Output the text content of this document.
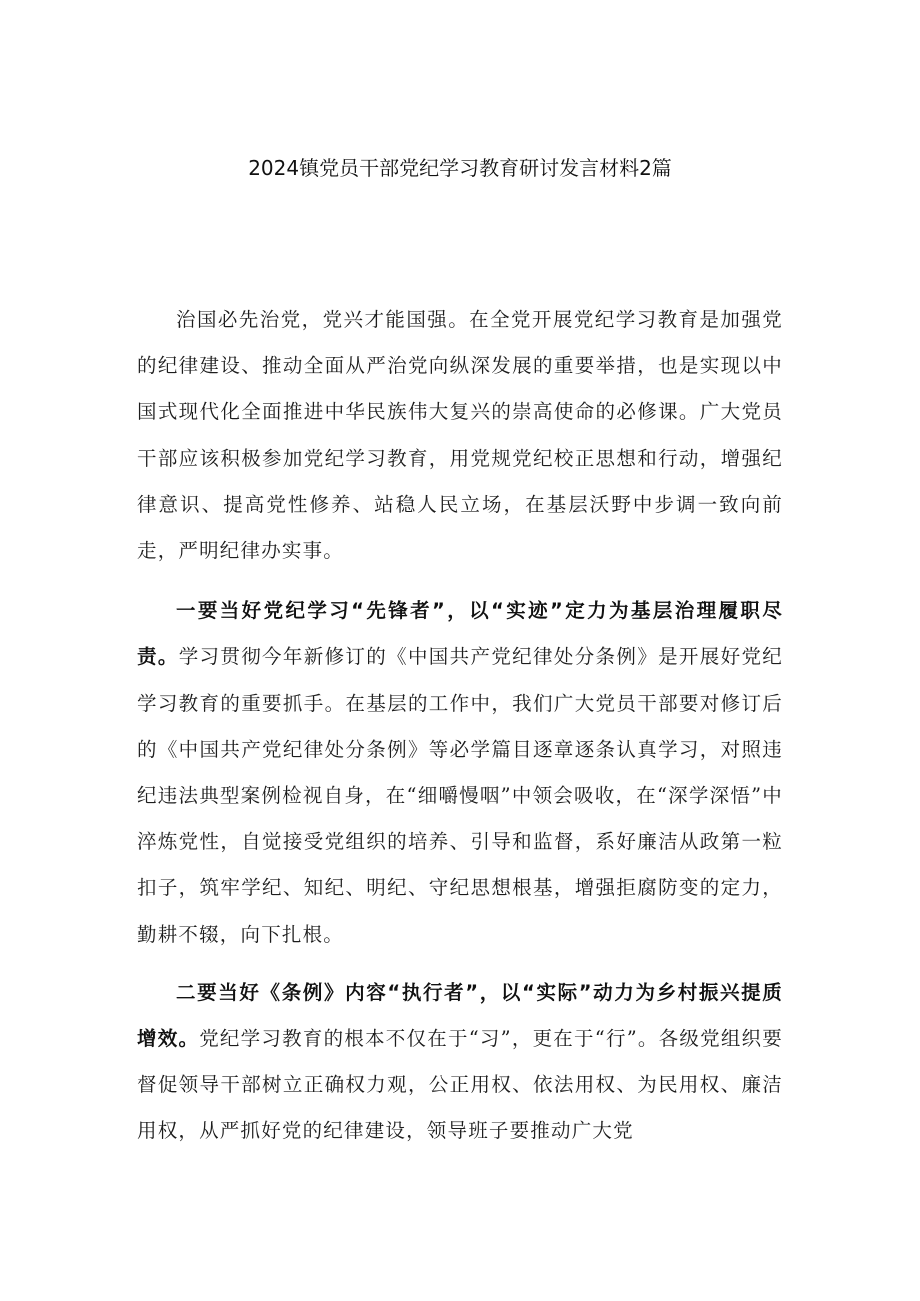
2024镇党员干部党纪学习教育研讨发言材料2篇

治国必先治党，党兴才能国强。在全党开展党纪学习教育是加强党的纪律建设、推动全面从严治党向纵深发展的重要举措，也是实现以中国式现代化全面推进中华民族伟大复兴的崇高使命的必修课。广大党员干部应该积极参加党纪学习教育，用党规党纪校正思想和行动，增强纪律意识、提高党性修养、站稳人民立场，在基层沃野中步调一致向前走，严明纪律办实事。

一要当好党纪学习“先锋者”，以“实迹”定力为基层治理履职尽责。学习贯彻今年新修订的《中国共产党纪律处分条例》是开展好党纪学习教育的重要抓手。在基层的工作中，我们广大党员干部要对修订后的《中国共产党纪律处分条例》等必学篇目逐章逐条认真学习，对照违纪违法典型案例检视自身，在“细嚼慢咽”中领会吸收，在“深学深悟”中淬炼党性，自觉接受党组织的培养、引导和监督，系好廉洁从政第一粒扣子，筑牢学纪、知纪、明纪、守纪思想根基，增强拒腐防变的定力，勤耕不辍，向下扎根。

二要当好《条例》内容“执行者”，以“实际”动力为乡村振兴提质增效。党纪学习教育的根本不仅在于“习”，更在于“行”。各级党组织要督促领导干部树立正确权力观，公正用权、依法用权、为民用权、廉洁用权，从严抓好党的纪律建设，领导班子要推动广大党
